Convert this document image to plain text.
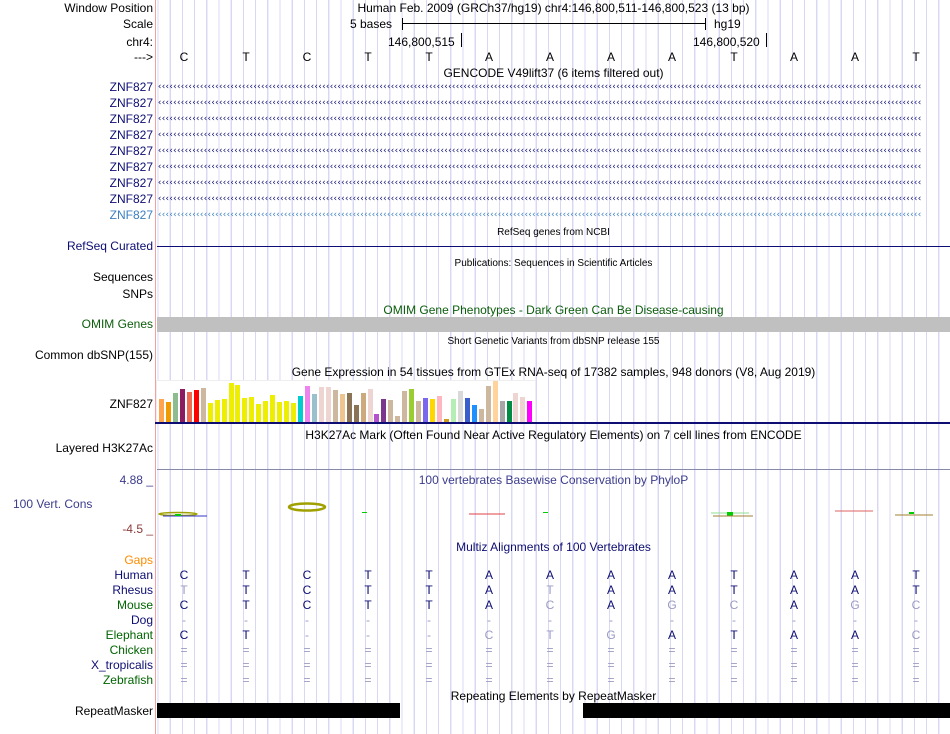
Window Position
Scale
chr4:
--->
Human Feb. 2009 (GRCh37/hg19) chr4:146,800,511-146,800,523 (13 bp)
5 bases	hg19
146,800,515	146,800,520
GENCODE V49lift37 (6 items filtered out)
RefSeq genes from NCBI
RefSeq Curated
Publications: Sequences in Scientific Articles
Sequences
SNPs
OMIM Gene Phenotypes - Dark Green Can Be Disease-causing
OMIM Genes
Short Genetic Variants from dbSNP release 155
Common dbSNP(155)
Gene Expression in 54 tissues from GTEx RNA-seq of 17382 samples, 948 donors (V8, Aug 2019)
ZNF827
H3K27Ac Mark (Often Found Near Active Regulatory Elements) on 7 cell lines from ENCODE
Layered H3K27Ac
100 vertebrates Basewise Conservation by PhyloP
4.88 _
100 Vert. Cons
-4.5 _
Multiz Alignments of 100 Vertebrates
Gaps
Repeating Elements by RepeatMasker
RepeatMasker
C	T	C	T	T	A	A	A	A	T	A	A	T
ZNF827 ‹‹‹‹‹‹‹‹‹‹‹‹‹‹‹‹‹‹‹‹‹‹‹‹‹‹‹‹‹‹‹‹‹‹‹‹‹‹‹‹‹‹‹‹‹‹‹‹‹‹‹‹‹‹‹‹‹‹‹‹‹‹‹‹‹‹‹‹‹‹‹‹‹‹‹‹‹‹‹‹‹‹‹‹‹‹‹‹‹‹‹‹‹‹‹‹‹‹‹‹‹‹‹‹‹‹‹‹‹‹‹‹‹‹‹‹‹‹‹‹‹‹‹‹‹‹‹‹‹‹‹‹‹‹‹‹‹‹‹‹‹‹‹‹‹‹‹‹‹‹‹‹‹‹‹‹‹‹‹‹‹‹‹‹‹‹‹‹‹‹‹‹‹‹‹‹‹‹‹‹‹‹‹‹‹‹‹‹‹‹‹‹‹‹‹‹‹‹‹‹
ZNF827 ‹‹‹‹‹‹‹‹‹‹‹‹‹‹‹‹‹‹‹‹‹‹‹‹‹‹‹‹‹‹‹‹‹‹‹‹‹‹‹‹‹‹‹‹‹‹‹‹‹‹‹‹‹‹‹‹‹‹‹‹‹‹‹‹‹‹‹‹‹‹‹‹‹‹‹‹‹‹‹‹‹‹‹‹‹‹‹‹‹‹‹‹‹‹‹‹‹‹‹‹‹‹‹‹‹‹‹‹‹‹‹‹‹‹‹‹‹‹‹‹‹‹‹‹‹‹‹‹‹‹‹‹‹‹‹‹‹‹‹‹‹‹‹‹‹‹‹‹‹‹‹‹‹‹‹‹‹‹‹‹‹‹‹‹‹‹‹‹‹‹‹‹‹‹‹‹‹‹‹‹‹‹‹‹‹‹‹‹‹‹‹‹‹‹‹‹‹‹‹‹
ZNF827 ‹‹‹‹‹‹‹‹‹‹‹‹‹‹‹‹‹‹‹‹‹‹‹‹‹‹‹‹‹‹‹‹‹‹‹‹‹‹‹‹‹‹‹‹‹‹‹‹‹‹‹‹‹‹‹‹‹‹‹‹‹‹‹‹‹‹‹‹‹‹‹‹‹‹‹‹‹‹‹‹‹‹‹‹‹‹‹‹‹‹‹‹‹‹‹‹‹‹‹‹‹‹‹‹‹‹‹‹‹‹‹‹‹‹‹‹‹‹‹‹‹‹‹‹‹‹‹‹‹‹‹‹‹‹‹‹‹‹‹‹‹‹‹‹‹‹‹‹‹‹‹‹‹‹‹‹‹‹‹‹‹‹‹‹‹‹‹‹‹‹‹‹‹‹‹‹‹‹‹‹‹‹‹‹‹‹‹‹‹‹‹‹‹‹‹‹‹‹‹‹
ZNF827 ‹‹‹‹‹‹‹‹‹‹‹‹‹‹‹‹‹‹‹‹‹‹‹‹‹‹‹‹‹‹‹‹‹‹‹‹‹‹‹‹‹‹‹‹‹‹‹‹‹‹‹‹‹‹‹‹‹‹‹‹‹‹‹‹‹‹‹‹‹‹‹‹‹‹‹‹‹‹‹‹‹‹‹‹‹‹‹‹‹‹‹‹‹‹‹‹‹‹‹‹‹‹‹‹‹‹‹‹‹‹‹‹‹‹‹‹‹‹‹‹‹‹‹‹‹‹‹‹‹‹‹‹‹‹‹‹‹‹‹‹‹‹‹‹‹‹‹‹‹‹‹‹‹‹‹‹‹‹‹‹‹‹‹‹‹‹‹‹‹‹‹‹‹‹‹‹‹‹‹‹‹‹‹‹‹‹‹‹‹‹‹‹‹‹‹‹‹‹‹‹
ZNF827 ‹‹‹‹‹‹‹‹‹‹‹‹‹‹‹‹‹‹‹‹‹‹‹‹‹‹‹‹‹‹‹‹‹‹‹‹‹‹‹‹‹‹‹‹‹‹‹‹‹‹‹‹‹‹‹‹‹‹‹‹‹‹‹‹‹‹‹‹‹‹‹‹‹‹‹‹‹‹‹‹‹‹‹‹‹‹‹‹‹‹‹‹‹‹‹‹‹‹‹‹‹‹‹‹‹‹‹‹‹‹‹‹‹‹‹‹‹‹‹‹‹‹‹‹‹‹‹‹‹‹‹‹‹‹‹‹‹‹‹‹‹‹‹‹‹‹‹‹‹‹‹‹‹‹‹‹‹‹‹‹‹‹‹‹‹‹‹‹‹‹‹‹‹‹‹‹‹‹‹‹‹‹‹‹‹‹‹‹‹‹‹‹‹‹‹‹‹‹‹‹
ZNF827 ‹‹‹‹‹‹‹‹‹‹‹‹‹‹‹‹‹‹‹‹‹‹‹‹‹‹‹‹‹‹‹‹‹‹‹‹‹‹‹‹‹‹‹‹‹‹‹‹‹‹‹‹‹‹‹‹‹‹‹‹‹‹‹‹‹‹‹‹‹‹‹‹‹‹‹‹‹‹‹‹‹‹‹‹‹‹‹‹‹‹‹‹‹‹‹‹‹‹‹‹‹‹‹‹‹‹‹‹‹‹‹‹‹‹‹‹‹‹‹‹‹‹‹‹‹‹‹‹‹‹‹‹‹‹‹‹‹‹‹‹‹‹‹‹‹‹‹‹‹‹‹‹‹‹‹‹‹‹‹‹‹‹‹‹‹‹‹‹‹‹‹‹‹‹‹‹‹‹‹‹‹‹‹‹‹‹‹‹‹‹‹‹‹‹‹‹‹‹‹‹
ZNF827 ‹‹‹‹‹‹‹‹‹‹‹‹‹‹‹‹‹‹‹‹‹‹‹‹‹‹‹‹‹‹‹‹‹‹‹‹‹‹‹‹‹‹‹‹‹‹‹‹‹‹‹‹‹‹‹‹‹‹‹‹‹‹‹‹‹‹‹‹‹‹‹‹‹‹‹‹‹‹‹‹‹‹‹‹‹‹‹‹‹‹‹‹‹‹‹‹‹‹‹‹‹‹‹‹‹‹‹‹‹‹‹‹‹‹‹‹‹‹‹‹‹‹‹‹‹‹‹‹‹‹‹‹‹‹‹‹‹‹‹‹‹‹‹‹‹‹‹‹‹‹‹‹‹‹‹‹‹‹‹‹‹‹‹‹‹‹‹‹‹‹‹‹‹‹‹‹‹‹‹‹‹‹‹‹‹‹‹‹‹‹‹‹‹‹‹‹‹‹‹‹
ZNF827 ‹‹‹‹‹‹‹‹‹‹‹‹‹‹‹‹‹‹‹‹‹‹‹‹‹‹‹‹‹‹‹‹‹‹‹‹‹‹‹‹‹‹‹‹‹‹‹‹‹‹‹‹‹‹‹‹‹‹‹‹‹‹‹‹‹‹‹‹‹‹‹‹‹‹‹‹‹‹‹‹‹‹‹‹‹‹‹‹‹‹‹‹‹‹‹‹‹‹‹‹‹‹‹‹‹‹‹‹‹‹‹‹‹‹‹‹‹‹‹‹‹‹‹‹‹‹‹‹‹‹‹‹‹‹‹‹‹‹‹‹‹‹‹‹‹‹‹‹‹‹‹‹‹‹‹‹‹‹‹‹‹‹‹‹‹‹‹‹‹‹‹‹‹‹‹‹‹‹‹‹‹‹‹‹‹‹‹‹‹‹‹‹‹‹‹‹‹‹‹‹
ZNF827 ‹‹‹‹‹‹‹‹‹‹‹‹‹‹‹‹‹‹‹‹‹‹‹‹‹‹‹‹‹‹‹‹‹‹‹‹‹‹‹‹‹‹‹‹‹‹‹‹‹‹‹‹‹‹‹‹‹‹‹‹‹‹‹‹‹‹‹‹‹‹‹‹‹‹‹‹‹‹‹‹‹‹‹‹‹‹‹‹‹‹‹‹‹‹‹‹‹‹‹‹‹‹‹‹‹‹‹‹‹‹‹‹‹‹‹‹‹‹‹‹‹‹‹‹‹‹‹‹‹‹‹‹‹‹‹‹‹‹‹‹‹‹‹‹‹‹‹‹‹‹‹‹‹‹‹‹‹‹‹‹‹‹‹‹‹‹‹‹‹‹‹‹‹‹‹‹‹‹‹‹‹‹‹‹‹‹‹‹‹‹‹‹‹‹‹‹‹‹‹‹
Human C	T	C	T	T	A	A	A	A	T	A	A	T
Rhesus T	T	C	T	T	A	T	A	A	T	A	A	T
Mouse C	T	C	T	T	A	C	A	G	C	A	G	C
Dog	-	-	-	-	-	-	-	-	-	-	-	-	-
Elephant C	T	-	-	-	C	T	G	A	T	A	A	C
Chicken =	=	=	=	=	=	=	=	=	=	=	=	=
X_tropicalis =	=	=	=	=	=	=	=	=	=	=	=	=
Zebrafish =	=	=	=	=	=	=	=	=	=	=	=	=
